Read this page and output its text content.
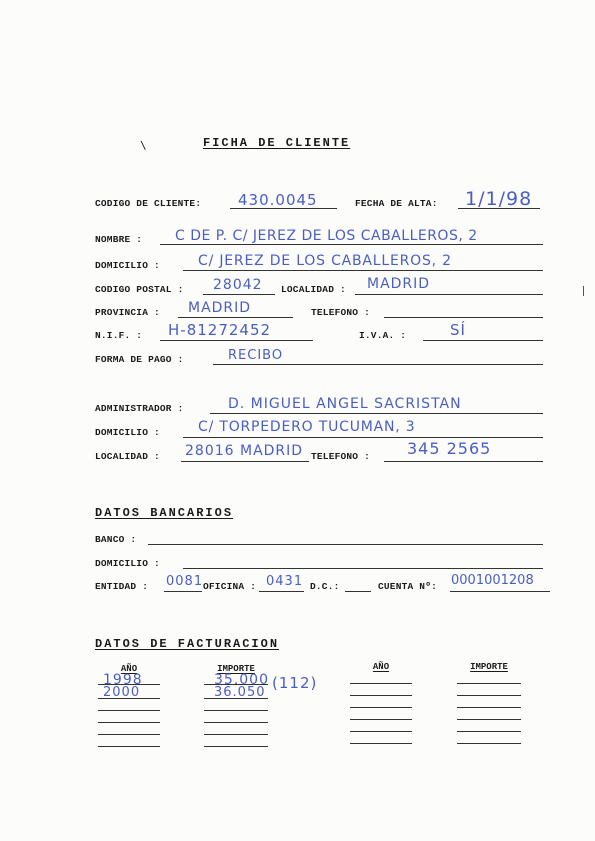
\	FICHA DE CLIENTE
CODIGO DE CLIENTE: 430.0045	FECHA DE ALTA: 1/1/98
NOMBRE : C DE P. C/ JEREZ DE LOS CABALLEROS, 2
DOMICILIO :	C/ JEREZ DE LOS CABALLEROS, 2
CODIGO POSTAL : 28042 LOCALIDAD : MADRID
PROVINCIA : MADRID	TELEFONO :
N.I.F. : H-81272452	I.V.A. :	SÍ
FORMA DE PAGO :	RECIBO
ADMINISTRADOR :	D. MIGUEL ANGEL SACRISTAN
DOMICILIO :	C/ TORPEDERO TUCUMAN, 3
LOCALIDAD : 28016 MADRID TELEFONO : 345 2565
DATOS BANCARIOS
BANCO :
DOMICILIO :
ENTIDAD : 0081 OFICINA : 0431 D.C.:	CUENTA Nº: 0001001208
DATOS DE FACTURACION
AÑO	IMPORTE	AÑO	IMPORTE
1998	35.000 (112)
2000	36.050
